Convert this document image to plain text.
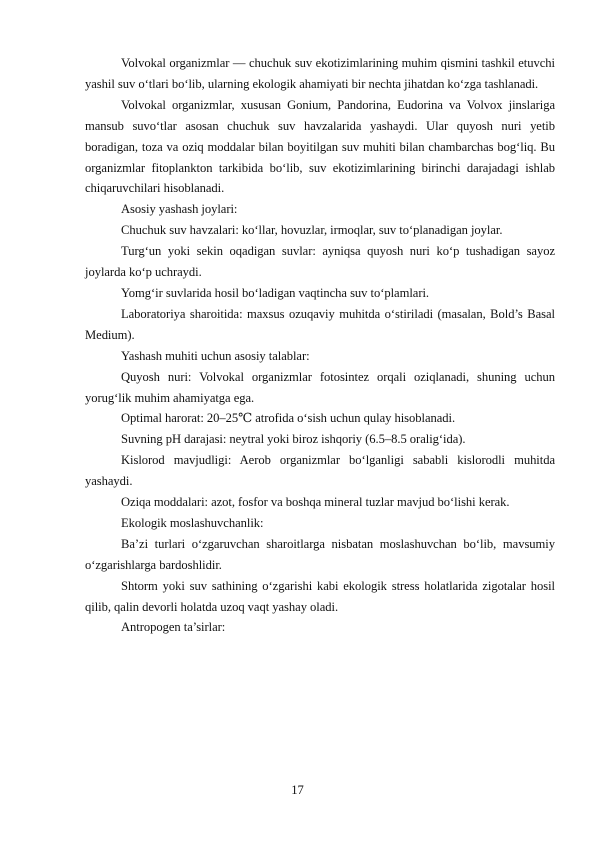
Volvokal organizmlar — chuchuk suv ekotizimlarining muhim qismini tashkil etuvchi yashil suv o‘tlari bo‘lib, ularning ekologik ahamiyati bir nechta jihatdan ko‘zga tashlanadi.

Volvokal organizmlar, xususan Gonium, Pandorina, Eudorina va Volvox jinslariga mansub suvo‘tlar asosan chuchuk suv havzalarida yashaydi. Ular quyosh nuri yetib boradigan, toza va oziq moddalar bilan boyitilgan suv muhiti bilan chambarchas bog‘liq. Bu organizmlar fitoplankton tarkibida bo‘lib, suv ekotizimlarining birinchi darajadagi ishlab chiqaruvchilari hisoblanadi.

Asosiy yashash joylari:

Chuchuk suv havzalari: ko‘llar, hovuzlar, irmoqlar, suv to‘planadigan joylar.

Turg‘un yoki sekin oqadigan suvlar: ayniqsa quyosh nuri ko‘p tushadigan sayoz joylarda ko‘p uchraydi.

Yomg‘ir suvlarida hosil bo‘ladigan vaqtincha suv to‘plamlari.

Laboratoriya sharoitida: maxsus ozuqaviy muhitda o‘stiriladi (masalan, Bold’s Basal Medium).

Yashash muhiti uchun asosiy talablar:

Quyosh nuri: Volvokal organizmlar fotosintez orqali oziqlanadi, shuning uchun yorug‘lik muhim ahamiyatga ega.

Optimal harorat: 20–25℃ atrofida o‘sish uchun qulay hisoblanadi.

Suvning pH darajasi: neytral yoki biroz ishqoriy (6.5–8.5 oralig‘ida).

Kislorod mavjudligi: Aerob organizmlar bo‘lganligi sababli kislorodli muhitda yashaydi.

Oziqa moddalari: azot, fosfor va boshqa mineral tuzlar mavjud bo‘lishi kerak.

Ekologik moslashuvchanlik:

Ba’zi turlari o‘zgaruvchan sharoitlarga nisbatan moslashuvchan bo‘lib, mavsumiy o‘zgarishlarga bardoshlidir.

Shtorm yoki suv sathining o‘zgarishi kabi ekologik stress holatlarida zigotalar hosil qilib, qalin devorli holatda uzoq vaqt yashay oladi.

Antropogen ta’sirlar:

17
